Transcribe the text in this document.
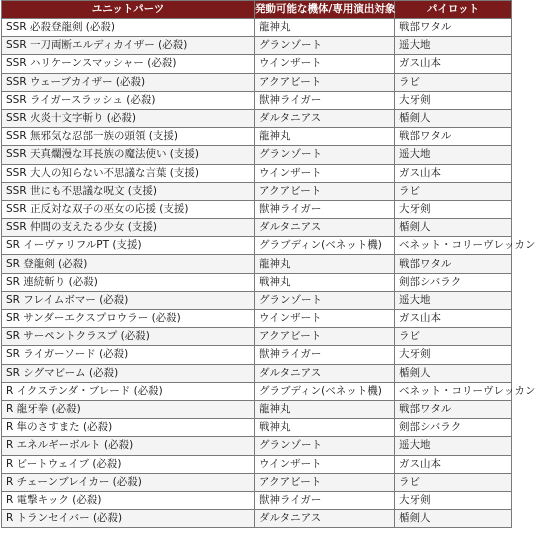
ユニットパーツ	発動可能な機体/専用演出対象	パイロット
SSR 必殺登龍剣 (必殺)	龍神丸	戦部ワタル
SSR 一刀両断エルディカイザー (必殺)	グランゾート	遥大地
SSR ハリケーンスマッシャー (必殺)	ウインザート	ガス山本
SSR ウェーブカイザー (必殺)	アクアビート	ラビ
SSR ライガースラッシュ (必殺)	獣神ライガー	大牙剣
SSR 火炎十文字斬り (必殺)	ダルタニアス	楯剣人
SSR 無邪気な忍部一族の頭領 (支援)	龍神丸	戦部ワタル
SSR 天真爛漫な耳長族の魔法使い (支援)	グランゾート	遥大地
SSR 大人の知らない不思議な言葉 (支援)	ウインザート	ガス山本
SSR 世にも不思議な呪文 (支援)	アクアビート	ラビ
SSR 正反対な双子の巫女の応援 (支援)	獣神ライガー	大牙剣
SSR 仲間の支えたる少女 (支援)	ダルタニアス	楯剣人
SR イーヴァリフルPT (支援)	グラブディン(ベネット機)	ベネット・コリーヴレッカン
SR 登龍剣 (必殺)	龍神丸	戦部ワタル
SR 連続斬り (必殺)	戦神丸	剣部シバラク
SR フレイムボマー (必殺)	グランゾート	遥大地
SR サンダーエクスプロウラー (必殺)	ウインザート	ガス山本
SR サーペントクラスプ (必殺)	アクアビート	ラビ
SR ライガーソード (必殺)	獣神ライガー	大牙剣
SR シグマビーム (必殺)	ダルタニアス	楯剣人
R イクステンダ・ブレード (必殺)	グラブディン(ベネット機)	ベネット・コリーヴレッカン
R 龍牙拳 (必殺)	龍神丸	戦部ワタル
R 隼のさすまた (必殺)	戦神丸	剣部シバラク
R エネルギーボルト (必殺)	グランゾート	遥大地
R ビートウェイブ (必殺)	ウインザート	ガス山本
R チェーンブレイカー (必殺)	アクアビート	ラビ
R 電撃キック (必殺)	獣神ライガー	大牙剣
R トランセイバー (必殺)	ダルタニアス	楯剣人
